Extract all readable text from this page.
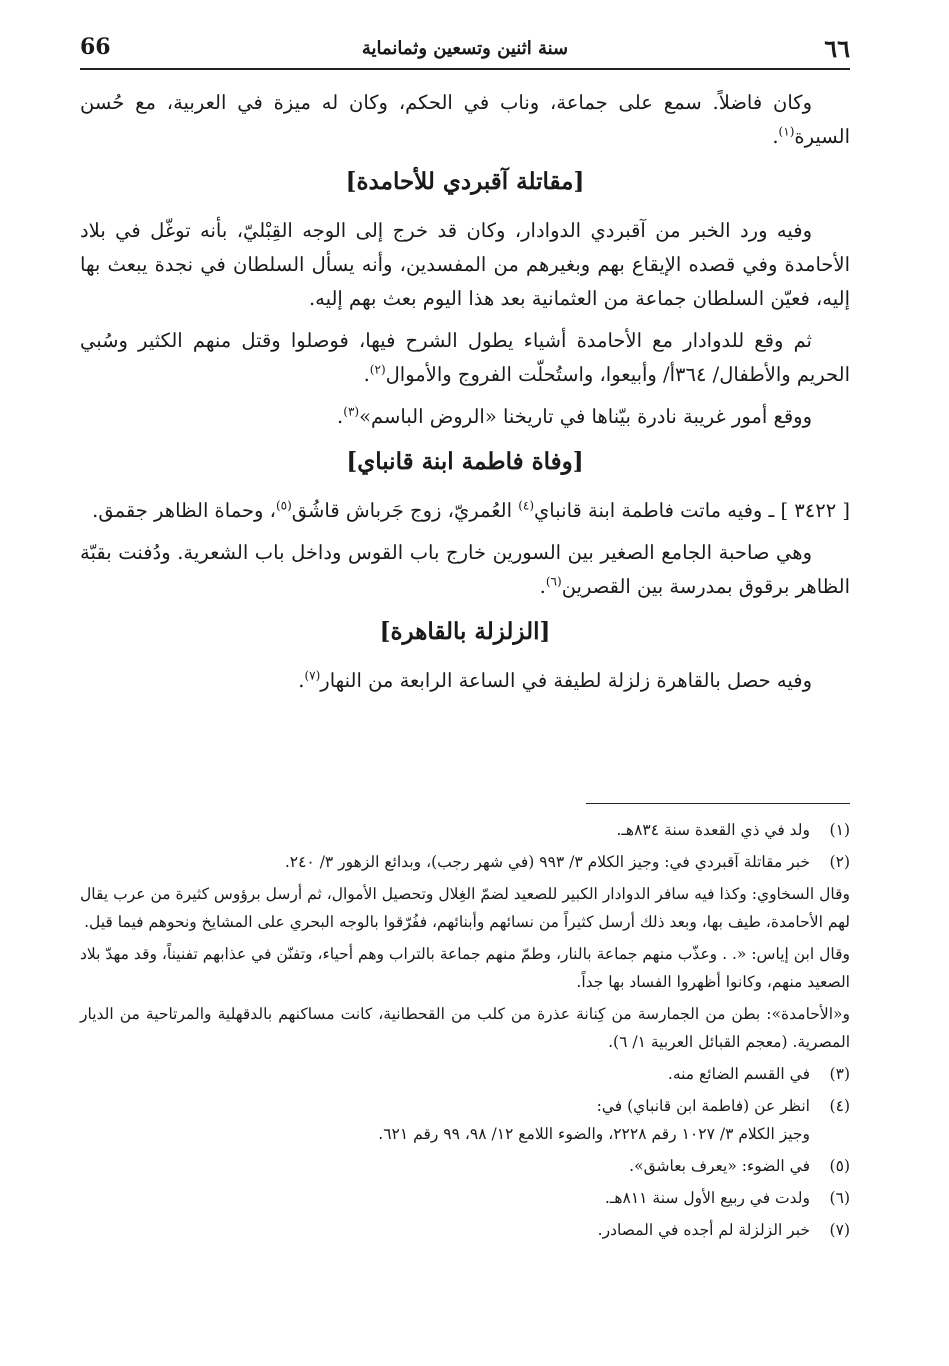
66	سنة اثنين وتسعين وثمانماية	٦٦

وكان فاضلاً. سمع على جماعة، وناب في الحكم، وكان له ميزة في العربية، مع حُسن السيرة$^{(١)}$.

[مقاتلة آقبردي للأحامدة]

وفيه ورد الخبر من آقبردي الدوادار، وكان قد خرج إلى الوجه القِبْليّ، بأنه توغّل في بلاد الأحامدة وفي قصده الإيقاع بهم وبغيرهم من المفسدين، وأنه يسأل السلطان في نجدة يبعث بها إليه، فعيّن السلطان جماعة من العثمانية بعد هذا اليوم بعث بهم إليه.

ثم وقع للدوادار مع الأحامدة أشياء يطول الشرح فيها، فوصلوا وقتل منهم الكثير وسُبي الحريم والأطفال/ ٣٦٤أ/ وأبيعوا، واستُحلّت الفروج والأموال$^{(٢)}$.

ووقع أمور غريبة نادرة بيّناها في تاريخنا «الروض الباسم»$^{(٣)}$.

[وفاة فاطمة ابنة قانباي]

[ ٣٤٢٢ ] ـ وفيه ماتت فاطمة ابنة قانباي$^{(٤)}$ العُمريّ، زوج جَرباش قاشُق$^{(٥)}$، وحماة الظاهر جقمق.

وهي صاحبة الجامع الصغير بين السورين خارج باب القوس وداخل باب الشعرية. ودُفنت بقبّة الظاهر برقوق بمدرسة بين القصرين$^{(٦)}$.

[الزلزلة بالقاهرة]

وفيه حصل بالقاهرة زلزلة لطيفة في الساعة الرابعة من النهار$^{(٧)}$.

(١)

ولد في ذي القعدة سنة ٨٣٤هـ.

(٢)

خبر مقاتلة آقبردي في: وجيز الكلام ٣/ ٩٩٣ (في شهر رجب)، وبدائع الزهور ٣/ ٢٤٠.

وقال السخاوي: وكذا فيه سافر الدوادار الكبير للصعيد لضمّ الغِلال وتحصيل الأموال، ثم أرسل برؤوس كثيرة من عرب يقال لهم الأحامدة، طيف بها، وبعد ذلك أرسل كثيراً من نسائهم وأبنائهم، ففُرّقوا بالوجه البحري على المشايخ ونحوهم فيما قيل.

وقال ابن إياس: «. . وعذّب منهم جماعة بالنار، وطمّ منهم جماعة بالتراب وهم أحياء، وتفنّن في عذابهم تفنيناً، وقد مهدّ بلاد الصعيد منهم، وكانوا أظهروا الفساد بها جداً.

و«الأحامدة»: بطن من الجمارسة من كِنانة عذرة من كلب من القحطانية، كانت مساكنهم بالدقهلية والمرتاحية من الديار المصرية. (معجم القبائل العربية ١/ ٦).

(٣)

في القسم الضائع منه.

(٤)

انظر عن (فاطمة ابن قانباي) في:

وجيز الكلام ٣/ ١٠٢٧ رقم ٢٢٢٨، والضوء اللامع ١٢/ ٩٨، ٩٩ رقم ٦٢١.

(٥)

في الضوء: «يعرف بعاشق».

(٦)

ولدت في ربيع الأول سنة ٨١١هـ.

(٧)

خبر الزلزلة لم أجده في المصادر.
